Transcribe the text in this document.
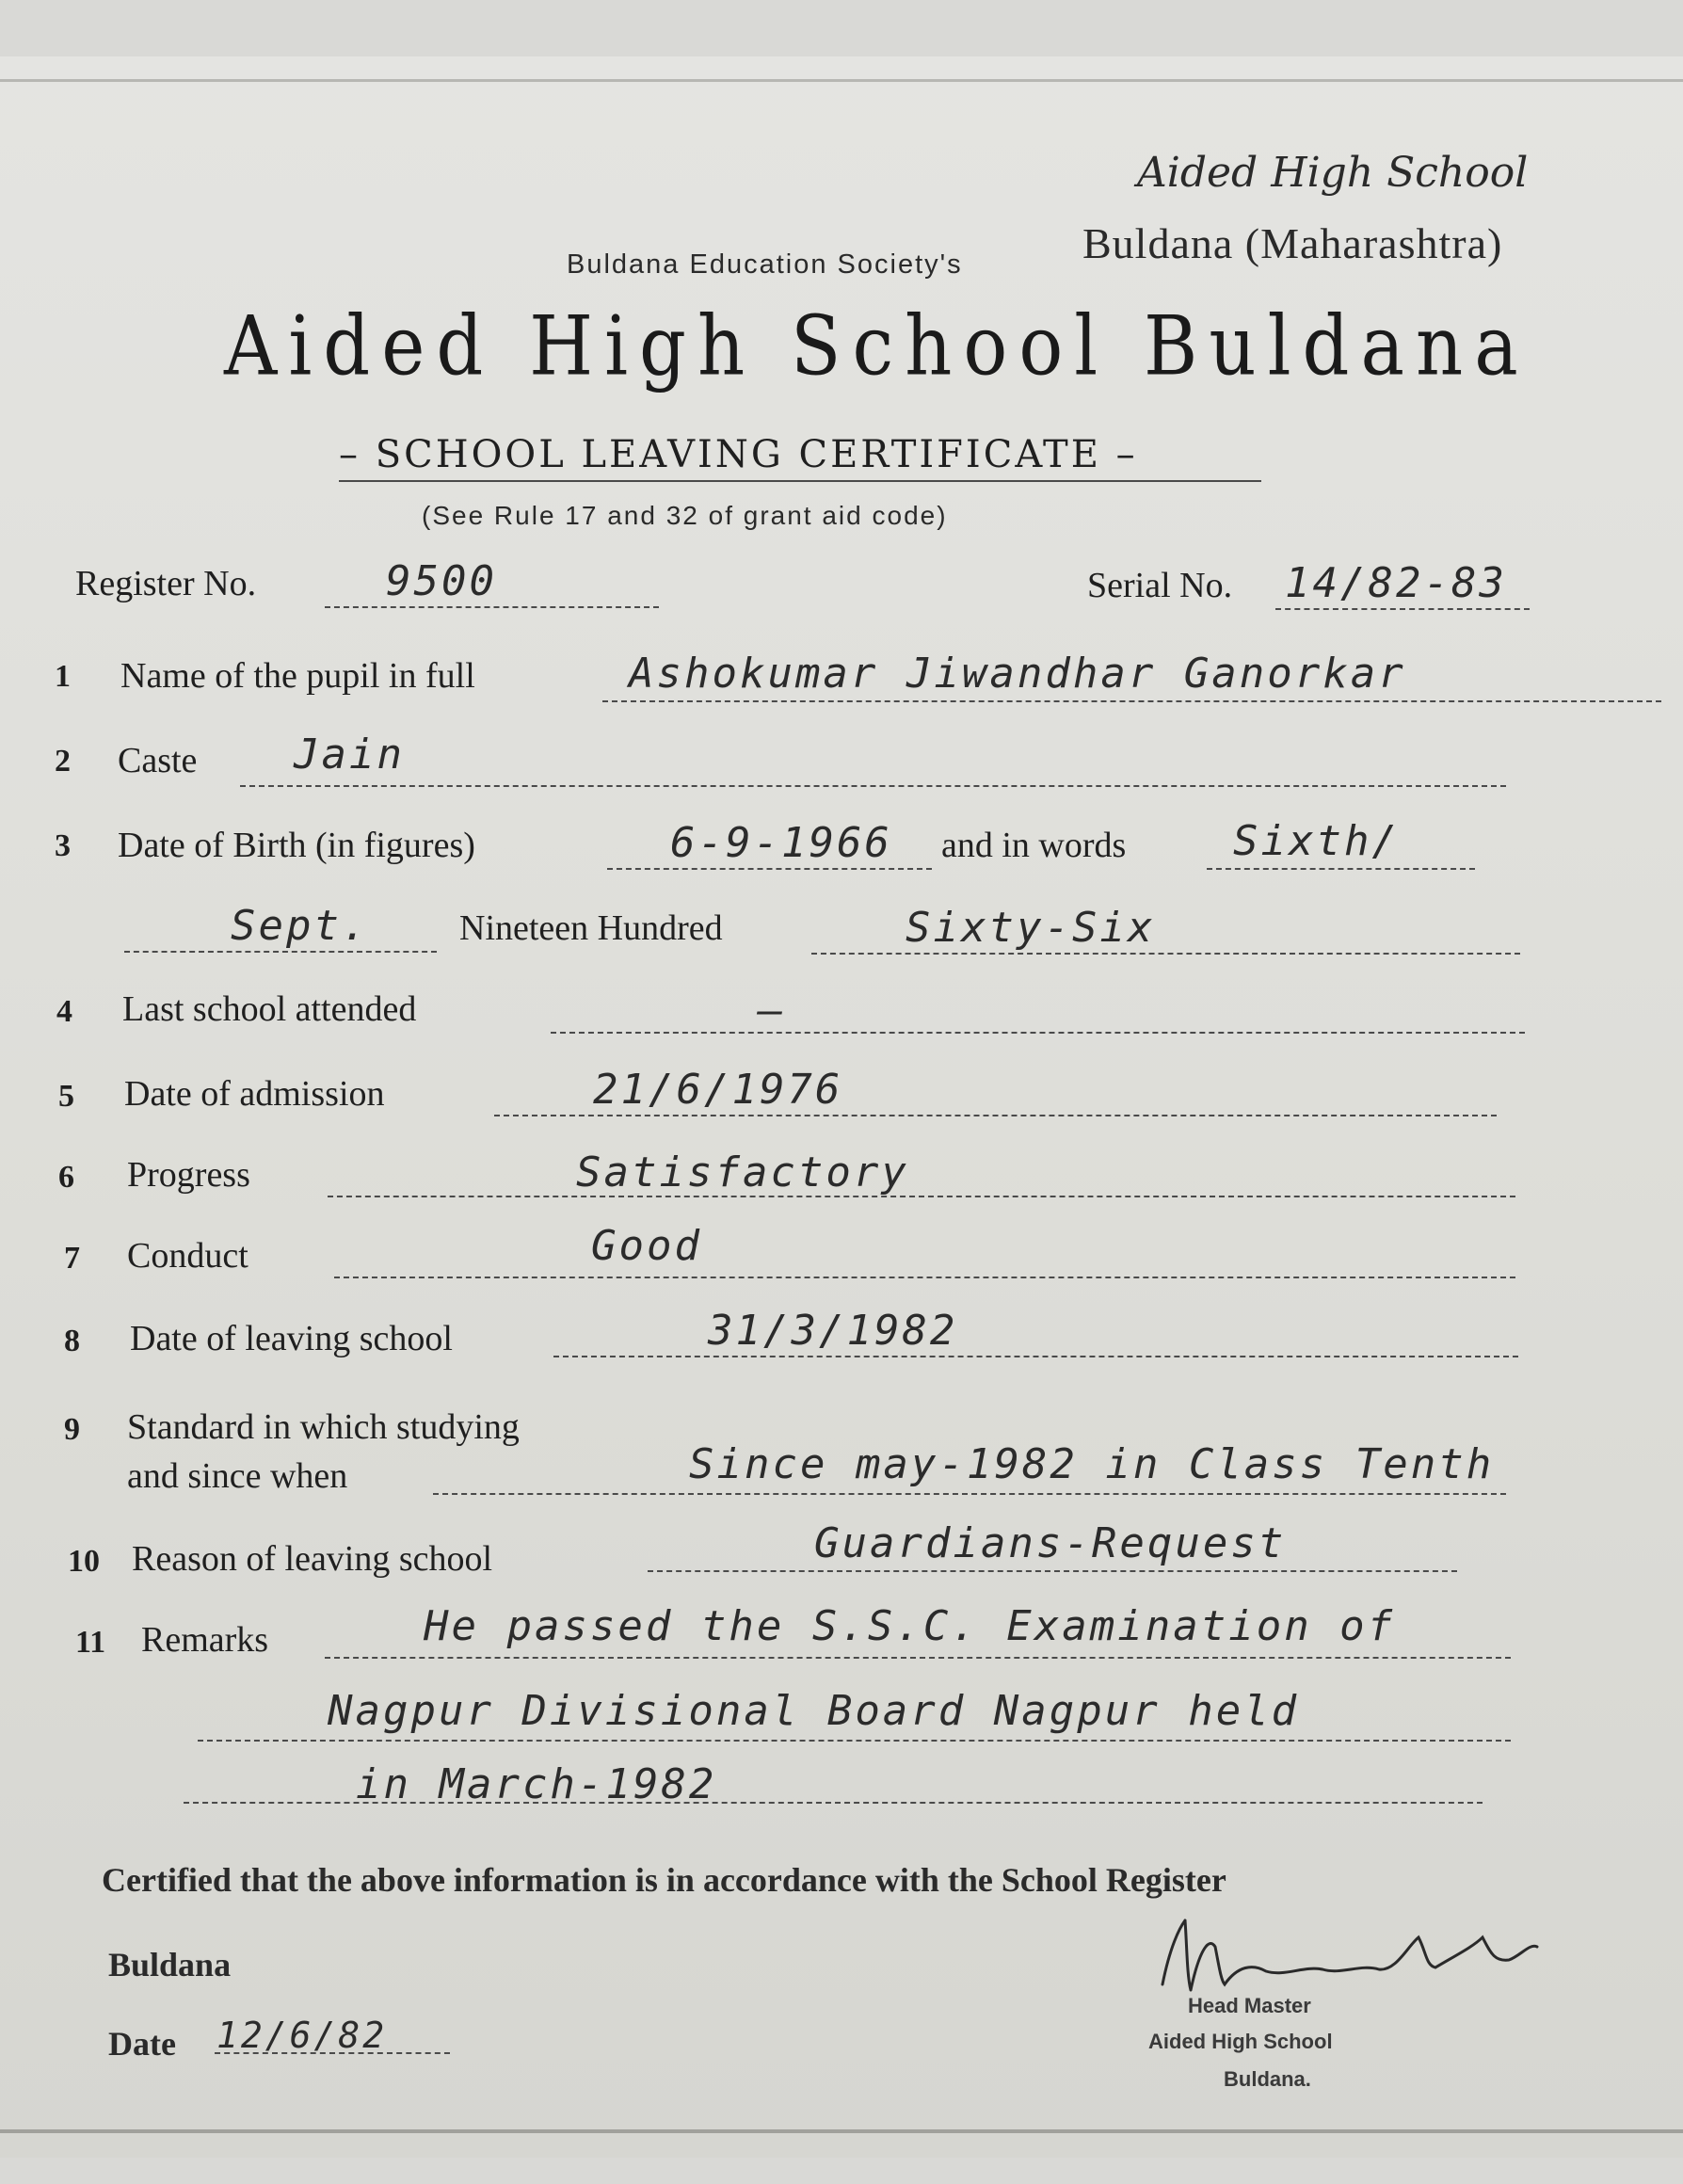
Aided High School
Buldana (Maharashtra)
Buldana Education Society's
Aided High School Buldana
– SCHOOL LEAVING CERTIFICATE –
(See Rule 17 and 32 of grant aid code)
Register No.	9500	Serial No. 14/82-83
1 Name of the pupil in full	Ashokumar Jiwandhar Ganorkar
2 Caste Jain
3 Date of Birth (in figures)	6-9-1966 and in words	Sixth/
Sept.	Nineteen Hundred	Sixty-Six
4 Last school attended	—
5 Date of admission	21/6/1976
6 Progress	Satisfactory
7 Conduct	Good
8 Date of leaving school	31/3/1982
9 Standard in which studying
and since when	Since may-1982 in Class Tenth
10 Reason of leaving school	Guardians-Request
11 Remarks	He passed the S.S.C. Examination of
Nagpur Divisional Board Nagpur held
in March-1982
Certified that the above information is in accordance with the School Register
Buldana
Date 12/6/82
Head Master
Aided High School
Buldana.
